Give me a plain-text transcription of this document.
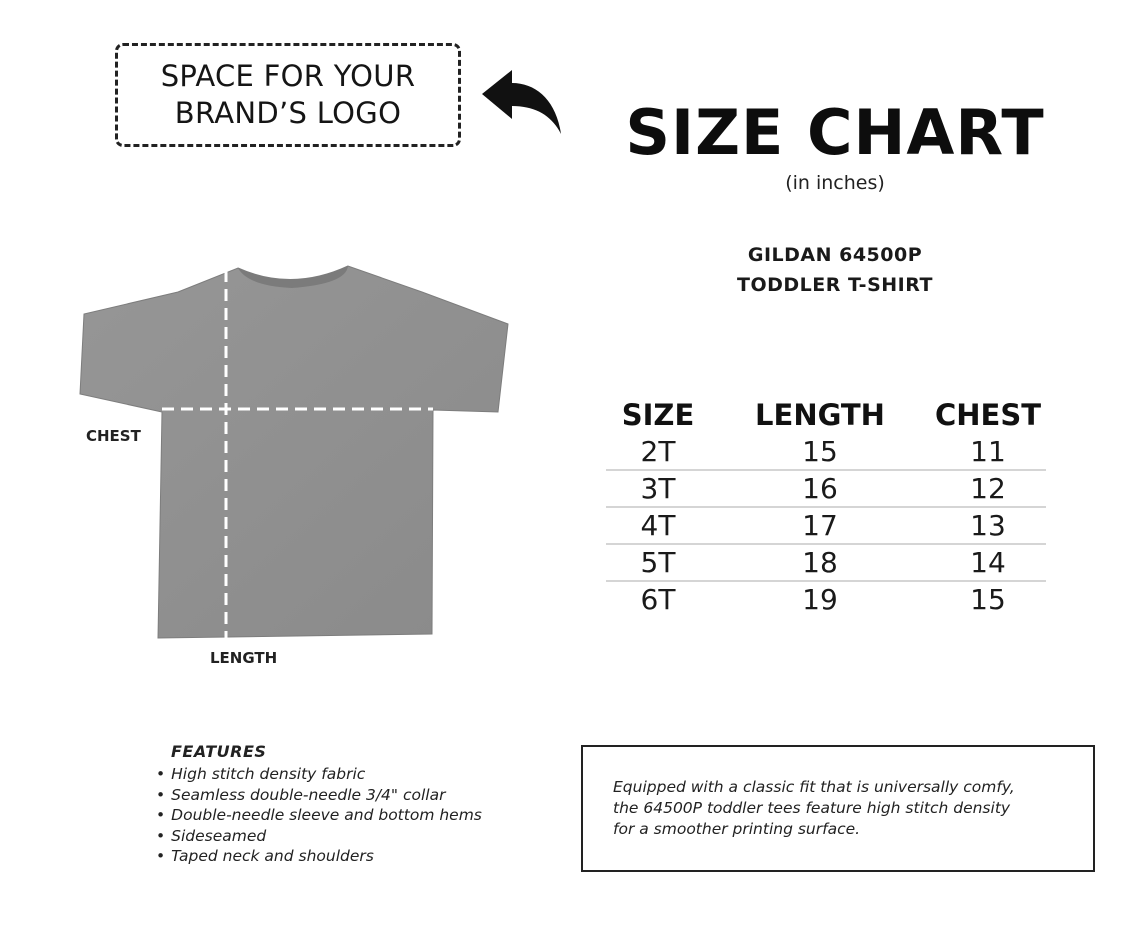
SPACE FOR YOUR
BRAND’S LOGO	SIZE CHART
(in inches)
GILDAN 64500P
TODDLER T-SHIRT
CHEST
LENGTH
SIZE	LENGTH	CHEST
2T	15	11
3T	16	12
4T	17	13
5T	18	14
6T	19	15
FEATURES
• High stitch density fabric
• Seamless double-needle 3/4" collar
• Double-needle sleeve and bottom hems
• Sideseamed
• Taped neck and shoulders
Equipped with a classic fit that is universally comfy,
the 64500P toddler tees feature high stitch density
for a smoother printing surface.
